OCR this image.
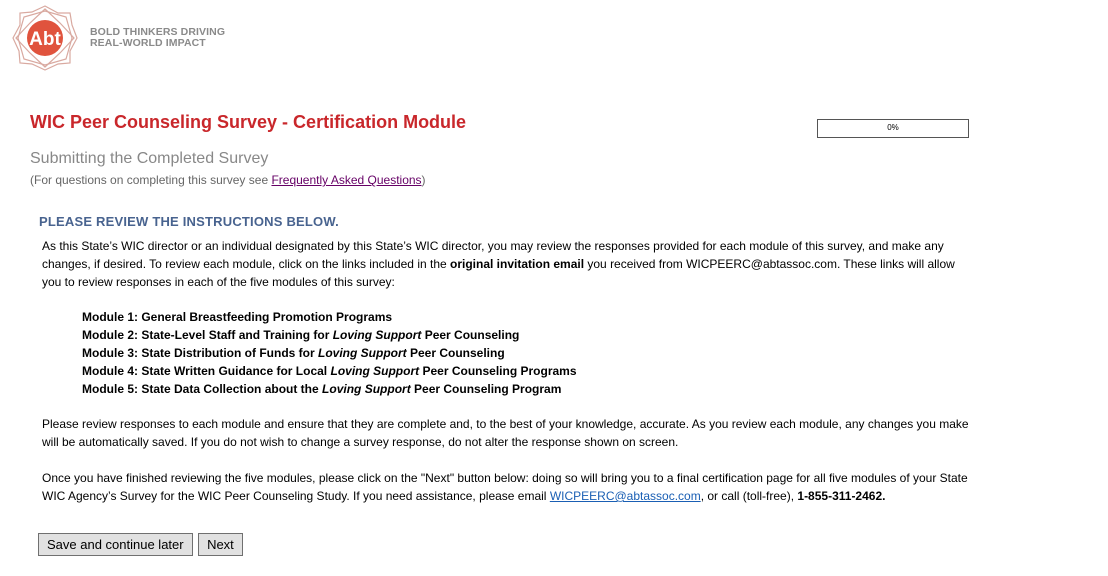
Abt	BOLD THINKERS DRIVING
REAL-WORLD IMPACT
WIC Peer Counseling Survey - Certification Module	0%
Submitting the Completed Survey
(For questions on completing this survey see Frequently Asked Questions)
PLEASE REVIEW THE INSTRUCTIONS BELOW.

As this State’s WIC director or an individual designated by this State’s WIC director, you may review the responses provided for each module of this survey, and make any changes, if desired. To review each module, click on the links included in the original invitation email you received from WICPEERC@abtassoc.com. These links will allow you to review responses in each of the five modules of this survey:

Module 1: General Breastfeeding Promotion Programs
Module 2: State-Level Staff and Training for Loving Support Peer Counseling
Module 3: State Distribution of Funds for Loving Support Peer Counseling
Module 4: State Written Guidance for Local Loving Support Peer Counseling Programs
Module 5: State Data Collection about the Loving Support Peer Counseling Program

Please review responses to each module and ensure that they are complete and, to the best of your knowledge, accurate. As you review each module, any changes you make will be automatically saved. If you do not wish to change a survey response, do not alter the response shown on screen.

Once you have finished reviewing the five modules, please click on the "Next" button below: doing so will bring you to a final certification page for all five modules of your State WIC Agency’s Survey for the WIC Peer Counseling Study. If you need assistance, please email WICPEERC@abtassoc.com, or call (toll-free), 1-855-311-2462.

Save and continue later Next
